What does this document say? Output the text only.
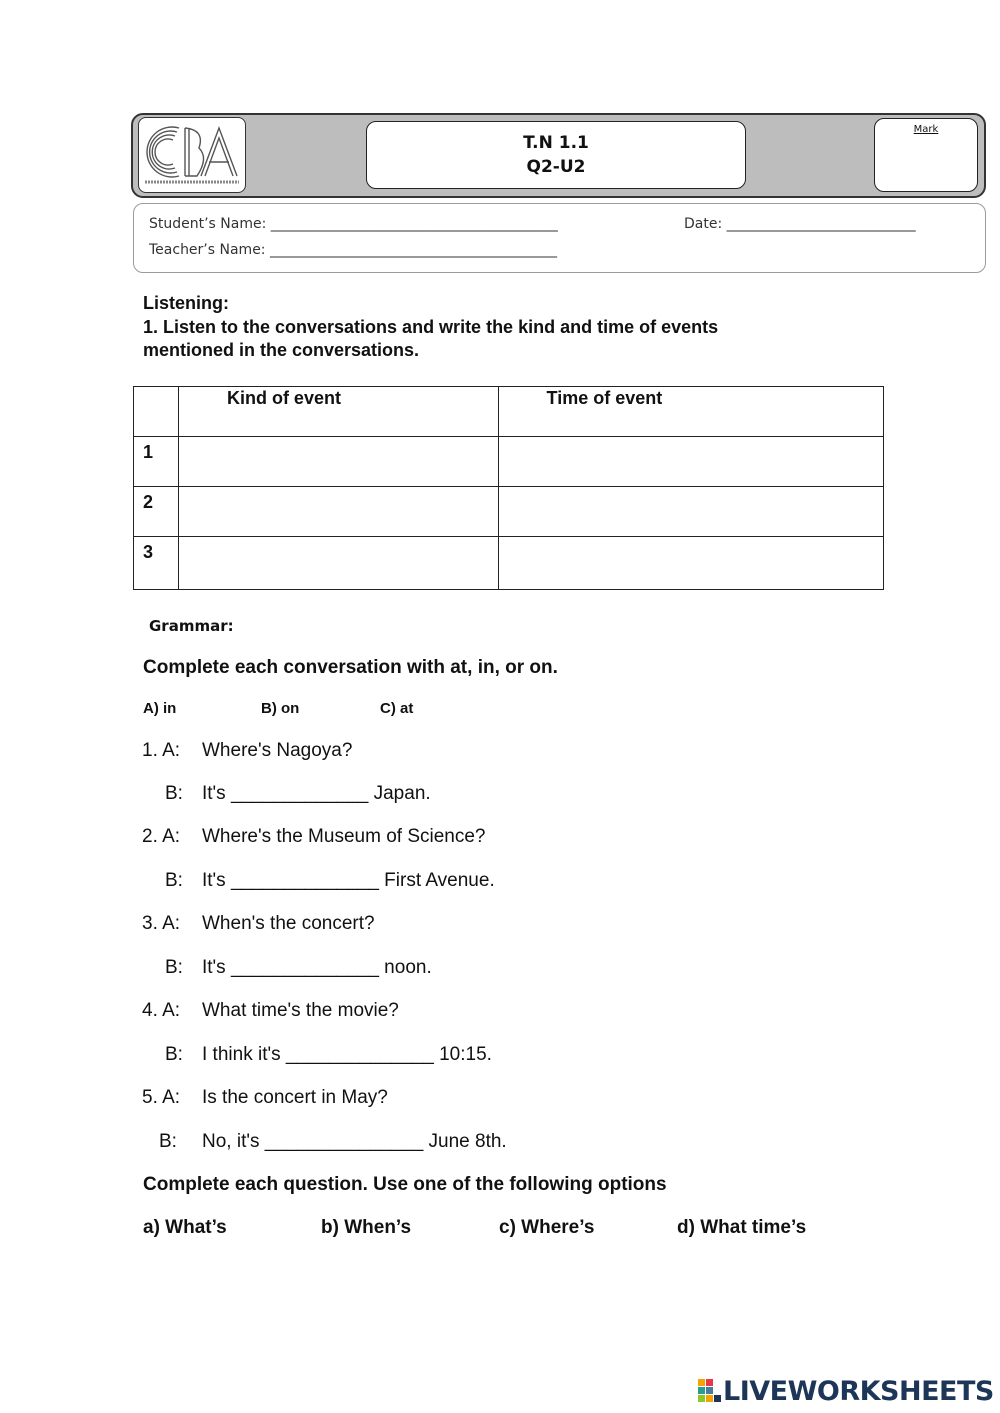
CBA	T.N 1.1
Q2-U2
Mark
Student’s Name: _________________________________________	Date: ___________________________
Teacher’s Name: _________________________________________
Listening:
1. Listen to the conversations and write the kind and time of events
mentioned in the conversations.
	Kind of event	Time of event
1		
2		
3		
Grammar:
Complete each conversation with at, in, or on.
A) in	B) on	C) at
1. A: Where's Nagoya?
B: It's _____________ Japan.
2. A: Where's the Museum of Science?
B: It's ______________ First Avenue.
3. A: When's the concert?
B: It's ______________ noon.
4. A: What time's the movie?
B: I think it's ______________ 10:15.
5. A: Is the concert in May?
B: No, it's _______________ June 8th.
Complete each question. Use one of the following options
a) What’s	b) When’s	c) Where’s	d) What time’s
LIVEWORKSHEETS
